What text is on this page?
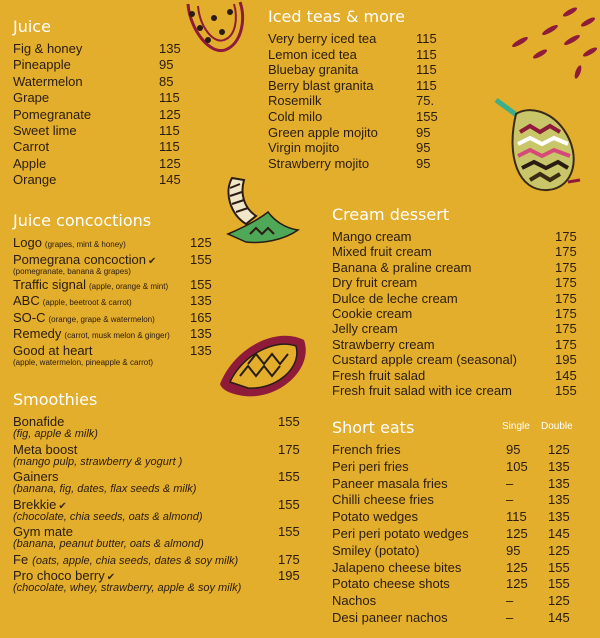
Juice
Fig & honey	135
Pineapple	95
Watermelon	85
Grape	115
Pomegranate	125
Sweet lime	115
Carrot	115
Apple	125
Orange	145
Iced teas & more
Very berry iced tea	115
Lemon iced tea	115
Bluebay granita	115
Berry blast granita	115
Rosemilk	75.
Cold milo	155
Green apple mojito	95
Virgin mojito	95
Strawberry mojito	95
Juice concoctions
Logo (grapes, mint & honey)	125
Pomegrana concoction ✔
(pomegranate, banana & grapes)
155
Traffic signal (apple, orange & mint) 155
ABC (apple, beetroot & carrot)	135
SO-C (orange, grape & watermelon)	165
Remedy (carrot, musk melon & ginger) 135
Good at heart
(apple, watermelon, pineapple & carrot)
135
Cream dessert
Mango cream	175
Mixed fruit cream	175
Banana & praline cream	175
Dry fruit cream	175
Dulce de leche cream	175
Cookie cream	175
Jelly cream	175
Strawberry cream	175
Custard apple cream (seasonal)	195
Fresh fruit salad	145
Fresh fruit salad with ice cream	155
Smoothies
Bonafide
(fig, apple & milk)
155
Meta boost
(mango pulp, strawberry & yogurt )
175
Gainers
(banana, fig, dates, flax seeds & milk)
155
Brekkie ✔
(chocolate, chia seeds, oats & almond)
155
Gym mate
(banana, peanut butter, oats & almond)
155
Fe (oats, apple, chia seeds, dates & soy milk)	175
Pro choco berry ✔
(chocolate, whey, strawberry, apple & soy milk)
195
Short eats	Single Double
French fries	95 125
Peri peri fries	105 135
Paneer masala fries	–	135
Chilli cheese fries	–	135
Potato wedges	115 135
Peri peri potato wedges	125 145
Smiley (potato)	95 125
Jalapeno cheese bites	125 155
Potato cheese shots	125 155
Nachos	–	125
Desi paneer nachos	–	145
